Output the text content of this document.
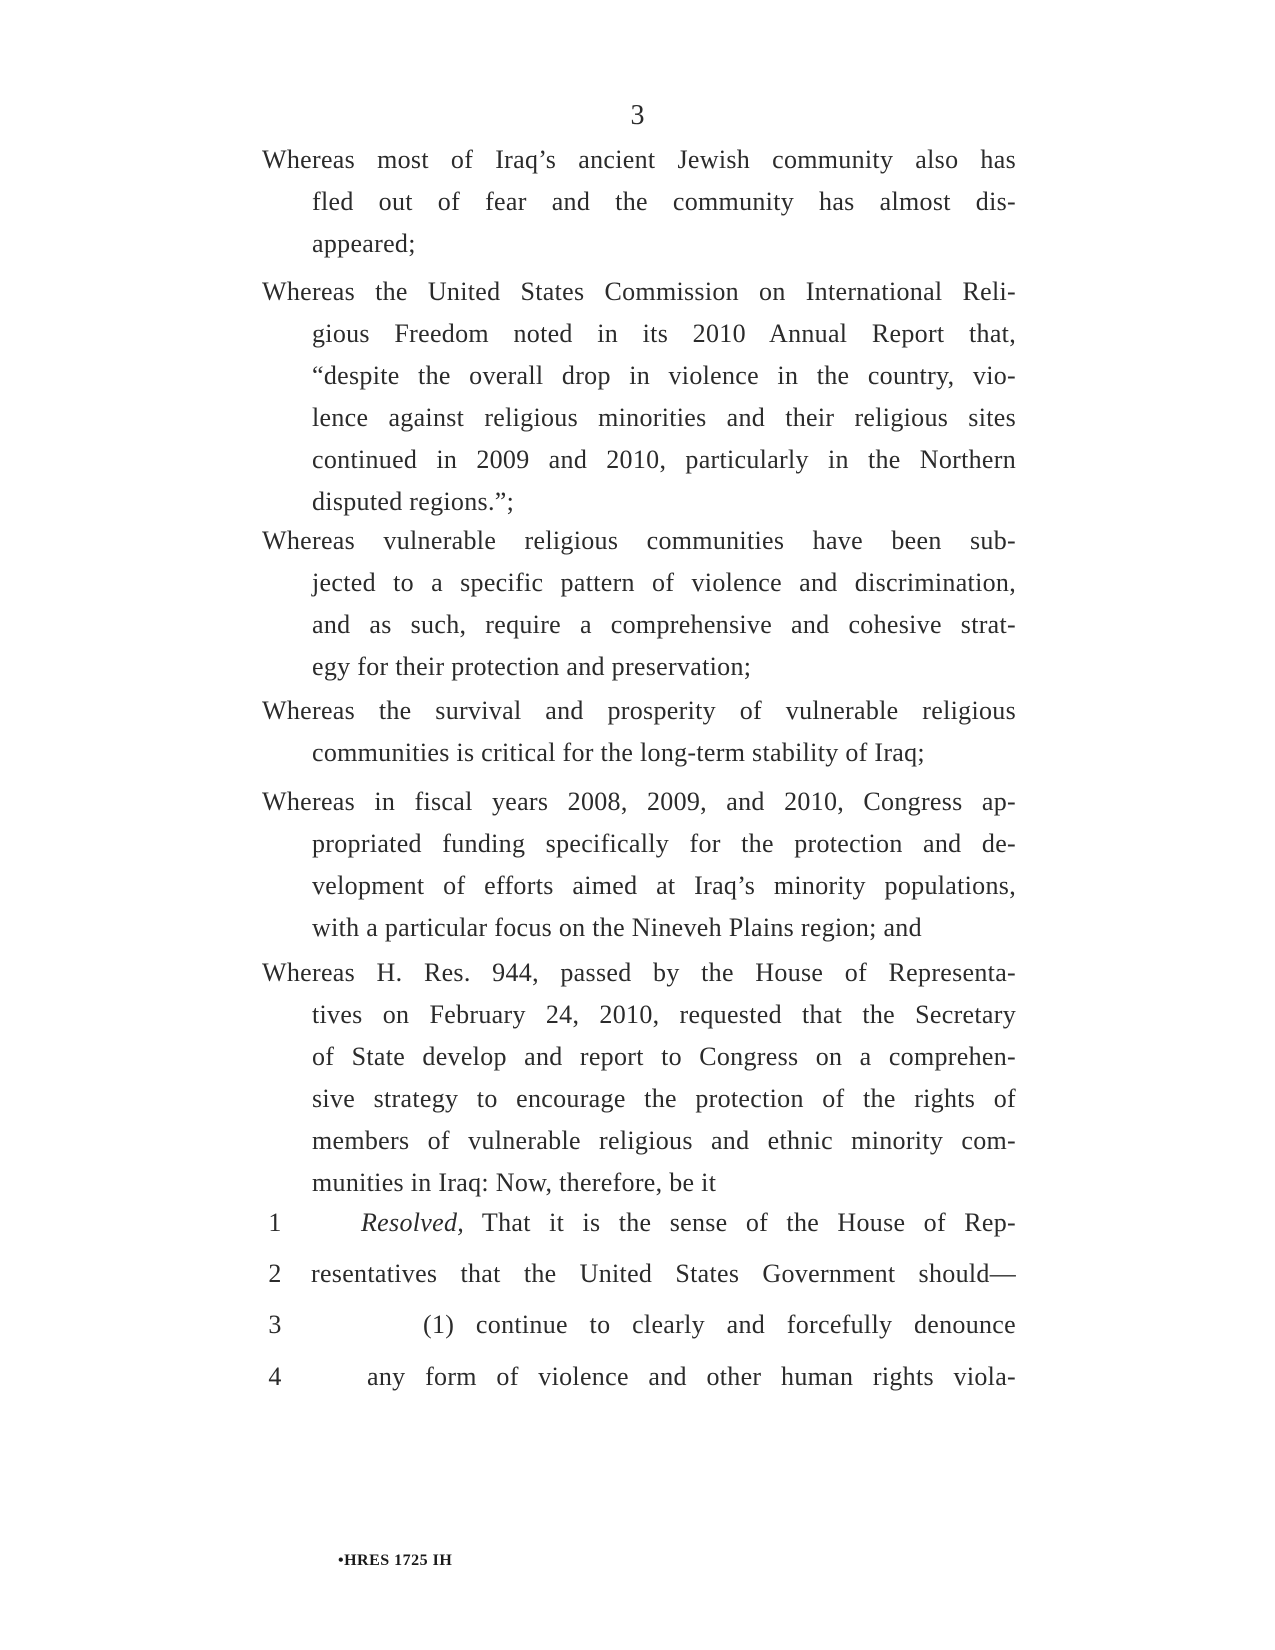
3
Whereas most of Iraq’s ancient Jewish community also has
fled out of fear and the community has almost dis-
appeared;
Whereas the United States Commission on International Reli-
gious Freedom noted in its 2010 Annual Report that,
“despite the overall drop in violence in the country, vio-
lence against religious minorities and their religious sites
continued in 2009 and 2010, particularly in the Northern
disputed regions.”;
Whereas vulnerable religious communities have been sub-
jected to a specific pattern of violence and discrimination,
and as such, require a comprehensive and cohesive strat-
egy for their protection and preservation;
Whereas the survival and prosperity of vulnerable religious
communities is critical for the long-term stability of Iraq;
Whereas in fiscal years 2008, 2009, and 2010, Congress ap-
propriated funding specifically for the protection and de-
velopment of efforts aimed at Iraq’s minority populations,
with a particular focus on the Nineveh Plains region; and
Whereas H. Res. 944, passed by the House of Representa-
tives on February 24, 2010, requested that the Secretary
of State develop and report to Congress on a comprehen-
sive strategy to encourage the protection of the rights of
members of vulnerable religious and ethnic minority com-
munities in Iraq: Now, therefore, be it
1	Resolved, That it is the sense of the House of Rep-
2 resentatives that the United States Government should—
3	(1) continue to clearly and forcefully denounce
4	any form of violence and other human rights viola-
•HRES 1725 IH
